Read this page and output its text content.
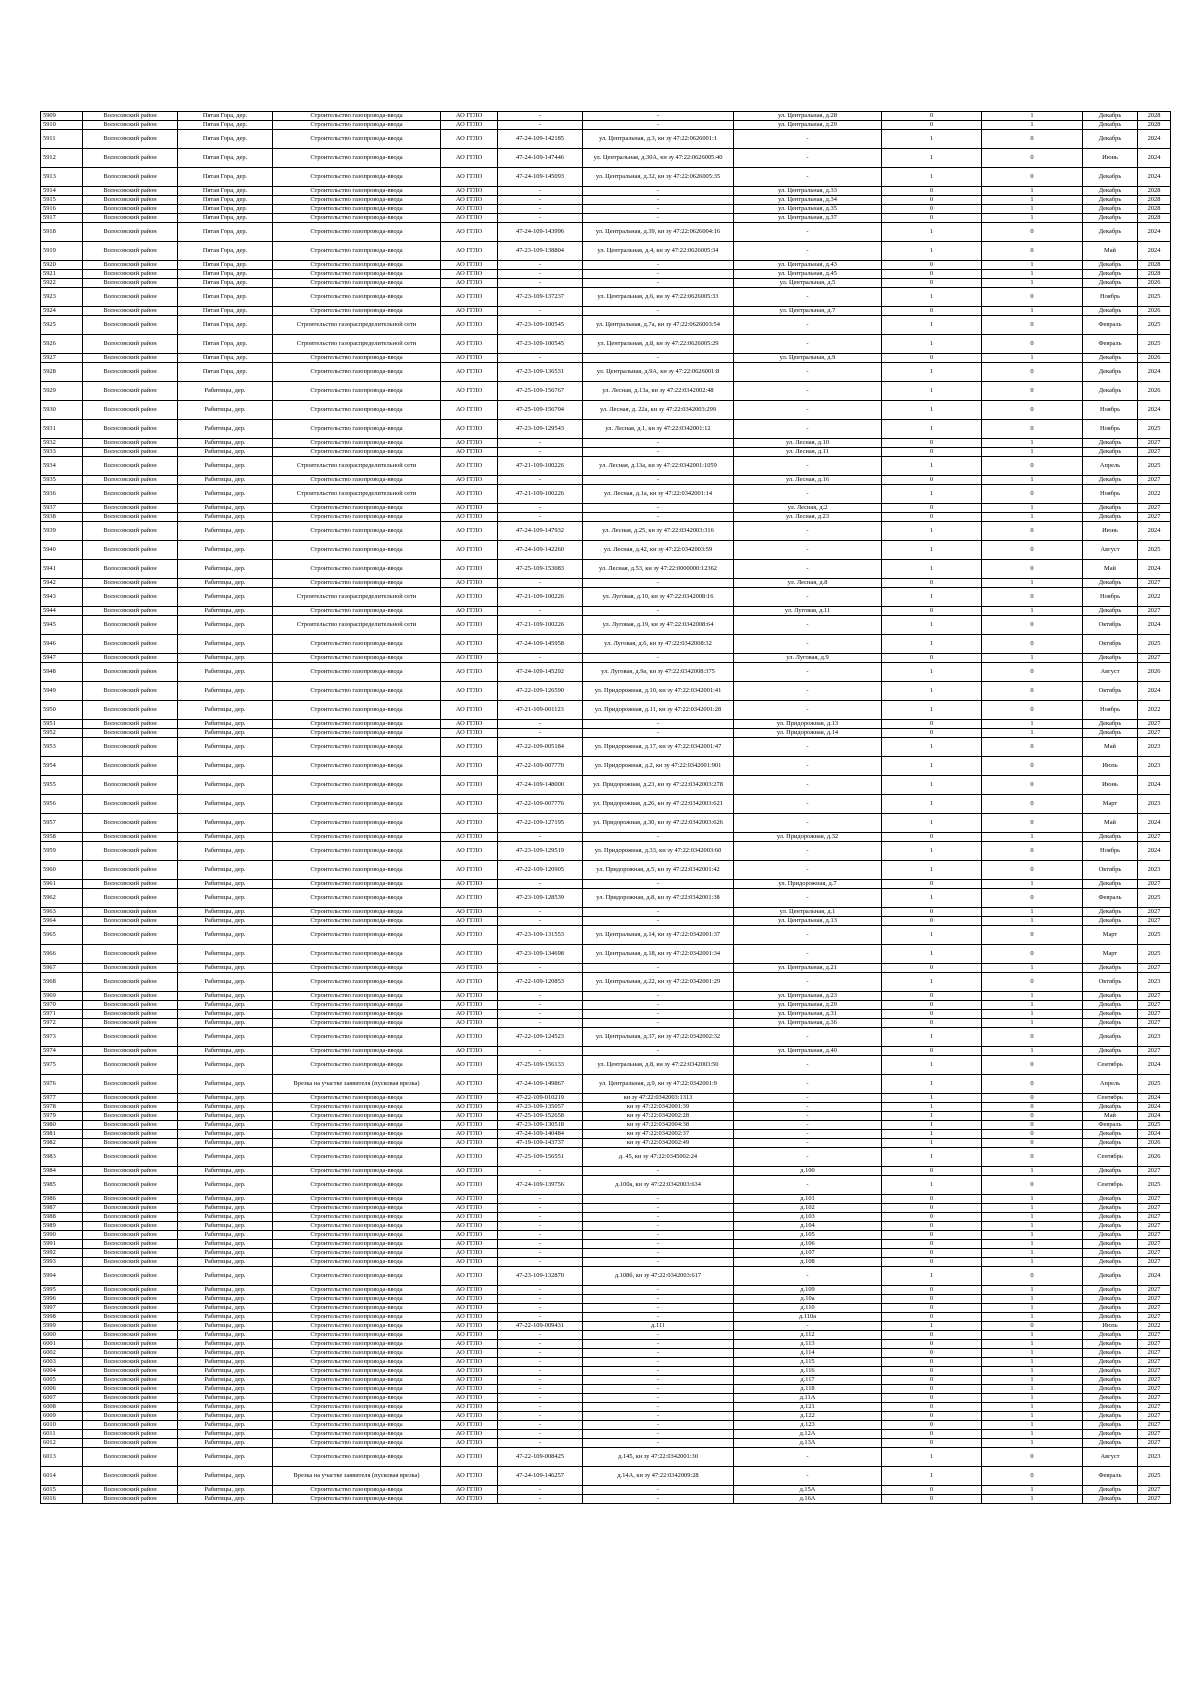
5909	Волосовский район	Пятая Гора, дер.	Строительство газопровода-ввода	АО ГГЛО	-	-	ул. Центральная, д.28	0	1	Декабрь	2028
5910	Волосовский район	Пятая Гора, дер.	Строительство газопровода-ввода	АО ГГЛО	-	-	ул. Центральная, д.29	0	1	Декабрь	2028
5911	Волосовский район	Пятая Гора, дер.	Строительство газопровода-ввода	АО ГГЛО	47-24-109-142185	ул. Центральная, д.3, кн зу 47:22:0626001:1	-	1	0	Декабрь	2024
5912	Волосовский район	Пятая Гора, дер.	Строительство газопровода-ввода	АО ГГЛО	47-24-109-147446	ул. Центральная, д.30А, кн зу 47:22:0626005:40	-	1	0	Июнь	2024
5913	Волосовский район	Пятая Гора, дер.	Строительство газопровода-ввода	АО ГГЛО	47-24-109-145093	ул. Центральная, д.32, кн зу 47:22:0626005:35	-	1	0	Декабрь	2024
5914	Волосовский район	Пятая Гора, дер.	Строительство газопровода-ввода	АО ГГЛО	-	-	ул. Центральная, д.33	0	1	Декабрь	2028
5915	Волосовский район	Пятая Гора, дер.	Строительство газопровода-ввода	АО ГГЛО	-	-	ул. Центральная, д.34	0	1	Декабрь	2028
5916	Волосовский район	Пятая Гора, дер.	Строительство газопровода-ввода	АО ГГЛО	-	-	ул. Центральная, д.35	0	1	Декабрь	2028
5917	Волосовский район	Пятая Гора, дер.	Строительство газопровода-ввода	АО ГГЛО	-	-	ул. Центральная, д.37	0	1	Декабрь	2028
5918	Волосовский район	Пятая Гора, дер.	Строительство газопровода-ввода	АО ГГЛО	47-24-109-143996	ул. Центральная, д.39, кн зу 47:22:0626004:16	-	1	0	Декабрь	2024
5919	Волосовский район	Пятая Гора, дер.	Строительство газопровода-ввода	АО ГГЛО	47-23-109-138804	ул. Центральная, д.4, кн зу 47:22:0626005:34	-	1	0	Май	2024
5920	Волосовский район	Пятая Гора, дер.	Строительство газопровода-ввода	АО ГГЛО	-	-	ул. Центральная, д.43	0	1	Декабрь	2028
5921	Волосовский район	Пятая Гора, дер.	Строительство газопровода-ввода	АО ГГЛО	-	-	ул. Центральная, д.45	0	1	Декабрь	2028
5922	Волосовский район	Пятая Гора, дер.	Строительство газопровода-ввода	АО ГГЛО	-	-	ул. Центральная, д.5	0	1	Декабрь	2026
5923	Волосовский район	Пятая Гора, дер.	Строительство газопровода-ввода	АО ГГЛО	47-23-109-137237	ул. Центральная, д.6, кн зу 47:22:0626005:33	-	1	0	Ноябрь	2025
5924	Волосовский район	Пятая Гора, дер.	Строительство газопровода-ввода	АО ГГЛО	-	-	ул. Центральная, д.7	0	1	Декабрь	2026
5925	Волосовский район	Пятая Гора, дер.	Строительство газораспределительной сети	АО ГГЛО	47-23-109-100545	ул. Центральная, д.7а, кн зу 47:22:0626003:54	-	1	0	Февраль	2025
5926	Волосовский район	Пятая Гора, дер.	Строительство газораспределительной сети	АО ГГЛО	47-23-109-100545	ул. Центральная, д.8, кн зу 47:22:0626005:29	-	1	0	Февраль	2025
5927	Волосовский район	Пятая Гора, дер.	Строительство газопровода-ввода	АО ГГЛО	-	-	ул. Центральная, д.9	0	1	Декабрь	2026
5928	Волосовский район	Пятая Гора, дер.	Строительство газопровода-ввода	АО ГГЛО	47-23-109-136531	ул. Центральная, д.9А, кн зу 47:22:0626001:8	-	1	0	Декабрь	2024
5929	Волосовский район	Рабитицы, дер.	Строительство газопровода-ввода	АО ГГЛО	47-25-109-156767	ул. Лесная, д.13а, кн зу 47:22:0342002:48	-	1	0	Декабрь	2026
5930	Волосовский район	Рабитицы, дер.	Строительство газопровода-ввода	АО ГГЛО	47-25-109-156704	ул. Лесная, д. 22а, кн зу 47:22:0342003:299	-	1	0	Ноябрь	2024
5931	Волосовский район	Рабитицы, дер.	Строительство газопровода-ввода	АО ГГЛО	47-23-109-129543	ул. Лесная, д.1, кн зу 47:22:0342001:12	-	1	0	Ноябрь	2025
5932	Волосовский район	Рабитицы, дер.	Строительство газопровода-ввода	АО ГГЛО	-	-	ул. Лесная, д.10	0	1	Декабрь	2027
5933	Волосовский район	Рабитицы, дер.	Строительство газопровода-ввода	АО ГГЛО	-	-	ул. Лесная, д.11	0	1	Декабрь	2027
5934	Волосовский район	Рабитицы, дер.	Строительство газораспределительной сети	АО ГГЛО	47-21-109-100226	ул. Лесная, д.13а, кн зу 47:22:0342001:1059	-	1	0	Апрель	2025
5935	Волосовский район	Рабитицы, дер.	Строительство газопровода-ввода	АО ГГЛО	-	-	ул. Лесная, д.16	0	1	Декабрь	2027
5936	Волосовский район	Рабитицы, дер.	Строительство газораспределительной сети	АО ГГЛО	47-21-109-100226	ул. Лесная, д.1а, кн зу 47:22:0342001:14	-	1	0	Ноябрь	2022
5937	Волосовский район	Рабитицы, дер.	Строительство газопровода-ввода	АО ГГЛО	-	-	ул. Лесная, д.2	0	1	Декабрь	2027
5938	Волосовский район	Рабитицы, дер.	Строительство газопровода-ввода	АО ГГЛО	-	-	ул. Лесная, д.23	0	1	Декабрь	2027
5939	Волосовский район	Рабитицы, дер.	Строительство газопровода-ввода	АО ГГЛО	47-24-109-147932	ул. Лесная, д.25, кн зу 47:22:0342003:316	-	1	0	Июнь	2024
5940	Волосовский район	Рабитицы, дер.	Строительство газопровода-ввода	АО ГГЛО	47-24-109-142260	ул. Лесная, д.42, кн зу 47:22:0342003:59	-	1	0	Август	2025
5941	Волосовский район	Рабитицы, дер.	Строительство газопровода-ввода	АО ГГЛО	47-25-109-153083	ул. Лесная, д.53, кн зу 47:22:0000000:12362	-	1	0	Май	2024
5942	Волосовский район	Рабитицы, дер.	Строительство газопровода-ввода	АО ГГЛО	-	-	ул. Лесная, д.8	0	1	Декабрь	2027
5943	Волосовский район	Рабитицы, дер.	Строительство газораспределительной сети	АО ГГЛО	47-21-109-100226	ул. Луговая, д.10, кн зу 47:22:0342008:16	-	1	0	Ноябрь	2022
5944	Волосовский район	Рабитицы, дер.	Строительство газопровода-ввода	АО ГГЛО	-	-	ул. Луговая, д.11	0	1	Декабрь	2027
5945	Волосовский район	Рабитицы, дер.	Строительство газораспределительной сети	АО ГГЛО	47-21-109-100226	ул. Луговая, д.19, кн зу 47:22:0342008:64	-	1	0	Октябрь	2024
5946	Волосовский район	Рабитицы, дер.	Строительство газопровода-ввода	АО ГГЛО	47-24-109-145958	ул. Луговая, д.6, кн зу 47:22:0342008:32	-	1	0	Октябрь	2025
5947	Волосовский район	Рабитицы, дер.	Строительство газопровода-ввода	АО ГГЛО	-	-	ул. Луговая, д.9	0	1	Декабрь	2027
5948	Волосовский район	Рабитицы, дер.	Строительство газопровода-ввода	АО ГГЛО	47-24-109-145292	ул. Луговая, д.9а, кн зу 47:22:0342008:375	-	1	0	Август	2026
5949	Волосовский район	Рабитицы, дер.	Строительство газопровода-ввода	АО ГГЛО	47-22-109-126590	ул. Придорожная, д.10, кн зу 47:22:0342001:41	-	1	0	Октябрь	2024
5950	Волосовский район	Рабитицы, дер.	Строительство газопровода-ввода	АО ГГЛО	47-21-109-001123	ул. Придорожная, д.11, кн зу 47:22:0342001:28	-	1	0	Ноябрь	2022
5951	Волосовский район	Рабитицы, дер.	Строительство газопровода-ввода	АО ГГЛО	-	-	ул. Придорожная, д.13	0	1	Декабрь	2027
5952	Волосовский район	Рабитицы, дер.	Строительство газопровода-ввода	АО ГГЛО	-	-	ул. Придорожная, д.14	0	1	Декабрь	2027
5953	Волосовский район	Рабитицы, дер.	Строительство газопровода-ввода	АО ГГЛО	47-22-109-005184	ул. Придорожная, д.17, кн зу 47:22:0342001:47	-	1	0	Май	2023
5954	Волосовский район	Рабитицы, дер.	Строительство газопровода-ввода	АО ГГЛО	47-22-109-007770	ул. Придорожная, д.2, кн зу 47:22:0342001:901	-	1	0	Июль	2023
5955	Волосовский район	Рабитицы, дер.	Строительство газопровода-ввода	АО ГГЛО	47-24-109-148000	ул. Придорожная, д.23, кн зу 47:22:0342003:278	-	1	0	Июнь	2024
5956	Волосовский район	Рабитицы, дер.	Строительство газопровода-ввода	АО ГГЛО	47-22-109-007776	ул. Придорожная, д.26, кн зу 47:22:0342003:621	-	1	0	Март	2023
5957	Волосовский район	Рабитицы, дер.	Строительство газопровода-ввода	АО ГГЛО	47-22-109-127195	ул. Придорожная, д.30, кн зу 47:22:0342003:626	-	1	0	Май	2024
5958	Волосовский район	Рабитицы, дер.	Строительство газопровода-ввода	АО ГГЛО	-	-	ул. Придорожная, д.32	0	1	Декабрь	2027
5959	Волосовский район	Рабитицы, дер.	Строительство газопровода-ввода	АО ГГЛО	47-23-109-129519	ул. Придорожная, д.33, кн зу 47:22:0342003:60	-	1	0	Ноябрь	2024
5960	Волосовский район	Рабитицы, дер.	Строительство газопровода-ввода	АО ГГЛО	47-22-109-120905	ул. Придорожная, д.5, кн зу 47:22:0342001:42	-	1	0	Октябрь	2023
5961	Волосовский район	Рабитицы, дер.	Строительство газопровода-ввода	АО ГГЛО	-	-	ул. Придорожная, д.7	0	1	Декабрь	2027
5962	Волосовский район	Рабитицы, дер.	Строительство газопровода-ввода	АО ГГЛО	47-23-109-128539	ул. Придорожная, д.8, кн зу 47:22:0342001:38	-	1	0	Февраль	2025
5963	Волосовский район	Рабитицы, дер.	Строительство газопровода-ввода	АО ГГЛО	-	-	ул. Центральная, д.1	0	1	Декабрь	2027
5964	Волосовский район	Рабитицы, дер.	Строительство газопровода-ввода	АО ГГЛО	-	-	ул. Центральная, д.13	0	1	Декабрь	2027
5965	Волосовский район	Рабитицы, дер.	Строительство газопровода-ввода	АО ГГЛО	47-23-109-131553	ул. Центральная, д.14, кн зу 47:22:0342001:37	-	1	0	Март	2025
5966	Волосовский район	Рабитицы, дер.	Строительство газопровода-ввода	АО ГГЛО	47-23-109-134698	ул. Центральная, д.18, кн зу 47:22:0342001:34	-	1	0	Март	2025
5967	Волосовский район	Рабитицы, дер.	Строительство газопровода-ввода	АО ГГЛО	-	-	ул. Центральная, д.21	0	1	Декабрь	2027
5968	Волосовский район	Рабитицы, дер.	Строительство газопровода-ввода	АО ГГЛО	47-22-109-120853	ул. Центральная, д.22, кн зу 47:22:0342001:29	-	1	0	Октябрь	2023
5969	Волосовский район	Рабитицы, дер.	Строительство газопровода-ввода	АО ГГЛО	-	-	ул. Центральная, д.23	0	1	Декабрь	2027
5970	Волосовский район	Рабитицы, дер.	Строительство газопровода-ввода	АО ГГЛО	-	-	ул. Центральная, д.29	0	1	Декабрь	2027
5971	Волосовский район	Рабитицы, дер.	Строительство газопровода-ввода	АО ГГЛО	-	-	ул. Центральная, д.31	0	1	Декабрь	2027
5972	Волосовский район	Рабитицы, дер.	Строительство газопровода-ввода	АО ГГЛО	-	-	ул. Центральная, д.36	0	1	Декабрь	2027
5973	Волосовский район	Рабитицы, дер.	Строительство газопровода-ввода	АО ГГЛО	47-22-109-124523	ул. Центральная, д.37, кн зу 47:22:0342002:32	-	1	0	Декабрь	2023
5974	Волосовский район	Рабитицы, дер.	Строительство газопровода-ввода	АО ГГЛО	-	-	ул. Центральная, д.40	0	1	Декабрь	2027
5975	Волосовский район	Рабитицы, дер.	Строительство газопровода-ввода	АО ГГЛО	47-25-109-156133	ул. Центральная, д.8, кн зу 47:22:0342003:50	-	1	0	Сентябрь	2024
5976	Волосовский район	Рабитицы, дер.	Врезка на участке заявителя (пусковая врезка)	АО ГГЛО	47-24-109-149867	ул. Центральная, д.9, кн зу 47:22:0342001:9	-	1	0	Апрель	2025
5977	Волосовский район	Рабитицы, дер.	Строительство газопровода-ввода	АО ГГЛО	47-22-109-010219	кн зу 47:22:0342003:1313	-	1	0	Сентябрь	2024
5978	Волосовский район	Рабитицы, дер.	Строительство газопровода-ввода	АО ГГЛО	47-23-109-135057	кн зу 47:22:0342001:39	-	1	0	Декабрь	2024
5979	Волосовский район	Рабитицы, дер.	Строительство газопровода-ввода	АО ГГЛО	47-25-109-152658	кн зу 47:22:0342002:28	-	1	0	Май	2024
5980	Волосовский район	Рабитицы, дер.	Строительство газопровода-ввода	АО ГГЛО	47-23-109-130518	кн зу 47:22:0342004:38	-	1	0	Февраль	2025
5981	Волосовский район	Рабитицы, дер.	Строительство газопровода-ввода	АО ГГЛО	47-24-109-140484	кн зу 47:22:0342002:37	-	1	0	Декабрь	2024
5982	Волосовский район	Рабитицы, дер.	Строительство газопровода-ввода	АО ГГЛО	47-19-109-143737	кн зу 47:22:0342002:49	-	1	0	Декабрь	2026
5983	Волосовский район	Рабитицы, дер.	Строительство газопровода-ввода	АО ГГЛО	47-25-109-156551	д. 45, кн зу 47:22:0345002:24	-	1	0	Сентябрь	2026
5984	Волосовский район	Рабитицы, дер.	Строительство газопровода-ввода	АО ГГЛО	-	-	д.100	0	1	Декабрь	2027
5985	Волосовский район	Рабитицы, дер.	Строительство газопровода-ввода	АО ГГЛО	47-24-109-139756	д.100а, кн зу 47:22:0342003:634	-	1	0	Сентябрь	2025
5986	Волосовский район	Рабитицы, дер.	Строительство газопровода-ввода	АО ГГЛО	-	-	д.101	0	1	Декабрь	2027
5987	Волосовский район	Рабитицы, дер.	Строительство газопровода-ввода	АО ГГЛО	-	-	д.102	0	1	Декабрь	2027
5988	Волосовский район	Рабитицы, дер.	Строительство газопровода-ввода	АО ГГЛО	-	-	д.103	0	1	Декабрь	2027
5989	Волосовский район	Рабитицы, дер.	Строительство газопровода-ввода	АО ГГЛО	-	-	д.104	0	1	Декабрь	2027
5990	Волосовский район	Рабитицы, дер.	Строительство газопровода-ввода	АО ГГЛО	-	-	д.105	0	1	Декабрь	2027
5991	Волосовский район	Рабитицы, дер.	Строительство газопровода-ввода	АО ГГЛО	-	-	д.106	0	1	Декабрь	2027
5992	Волосовский район	Рабитицы, дер.	Строительство газопровода-ввода	АО ГГЛО	-	-	д.107	0	1	Декабрь	2027
5993	Волосовский район	Рабитицы, дер.	Строительство газопровода-ввода	АО ГГЛО	-	-	д.108	0	1	Декабрь	2027
5994	Волосовский район	Рабитицы, дер.	Строительство газопровода-ввода	АО ГГЛО	47-23-109-132870	д.108б, кн зу 47:22:0342003:617	-	1	0	Декабрь	2024
5995	Волосовский район	Рабитицы, дер.	Строительство газопровода-ввода	АО ГГЛО	-	-	д.109	0	1	Декабрь	2027
5996	Волосовский район	Рабитицы, дер.	Строительство газопровода-ввода	АО ГГЛО	-	-	д.10а	0	1	Декабрь	2027
5997	Волосовский район	Рабитицы, дер.	Строительство газопровода-ввода	АО ГГЛО	-	-	д.110	0	1	Декабрь	2027
5998	Волосовский район	Рабитицы, дер.	Строительство газопровода-ввода	АО ГГЛО	-	-	д.110а	0	1	Декабрь	2027
5999	Волосовский район	Рабитицы, дер.	Строительство газопровода-ввода	АО ГГЛО	47-22-109-009431	д.111	-	1	0	Июль	2022
6000	Волосовский район	Рабитицы, дер.	Строительство газопровода-ввода	АО ГГЛО	-	-	д.112	0	1	Декабрь	2027
6001	Волосовский район	Рабитицы, дер.	Строительство газопровода-ввода	АО ГГЛО	-	-	д.113	0	1	Декабрь	2027
6002	Волосовский район	Рабитицы, дер.	Строительство газопровода-ввода	АО ГГЛО	-	-	д.114	0	1	Декабрь	2027
6003	Волосовский район	Рабитицы, дер.	Строительство газопровода-ввода	АО ГГЛО	-	-	д.115	0	1	Декабрь	2027
6004	Волосовский район	Рабитицы, дер.	Строительство газопровода-ввода	АО ГГЛО	-	-	д.116	0	1	Декабрь	2027
6005	Волосовский район	Рабитицы, дер.	Строительство газопровода-ввода	АО ГГЛО	-	-	д.117	0	1	Декабрь	2027
6006	Волосовский район	Рабитицы, дер.	Строительство газопровода-ввода	АО ГГЛО	-	-	д.118	0	1	Декабрь	2027
6007	Волосовский район	Рабитицы, дер.	Строительство газопровода-ввода	АО ГГЛО	-	-	д.11А	0	1	Декабрь	2027
6008	Волосовский район	Рабитицы, дер.	Строительство газопровода-ввода	АО ГГЛО	-	-	д.121	0	1	Декабрь	2027
6009	Волосовский район	Рабитицы, дер.	Строительство газопровода-ввода	АО ГГЛО	-	-	д.122	0	1	Декабрь	2027
6010	Волосовский район	Рабитицы, дер.	Строительство газопровода-ввода	АО ГГЛО	-	-	д.123	0	1	Декабрь	2027
6011	Волосовский район	Рабитицы, дер.	Строительство газопровода-ввода	АО ГГЛО	-	-	д.12А	0	1	Декабрь	2027
6012	Волосовский район	Рабитицы, дер.	Строительство газопровода-ввода	АО ГГЛО	-	-	д.13А	0	1	Декабрь	2027
6013	Волосовский район	Рабитицы, дер.	Строительство газопровода-ввода	АО ГГЛО	47-22-109-008425	д.145, кн зу 47:22:0342001:30	-	1	0	Август	2023
6014	Волосовский район	Рабитицы, дер.	Врезка на участке заявителя (пусковая врезка)	АО ГГЛО	47-24-109-146257	д.14А, кн зу 47:22:0342009:28	-	1	0	Февраль	2025
6015	Волосовский район	Рабитицы, дер.	Строительство газопровода-ввода	АО ГГЛО	-	-	д.15А	0	1	Декабрь	2027
6016	Волосовский район	Рабитицы, дер.	Строительство газопровода-ввода	АО ГГЛО	-	-	д.16А	0	1	Декабрь	2027
